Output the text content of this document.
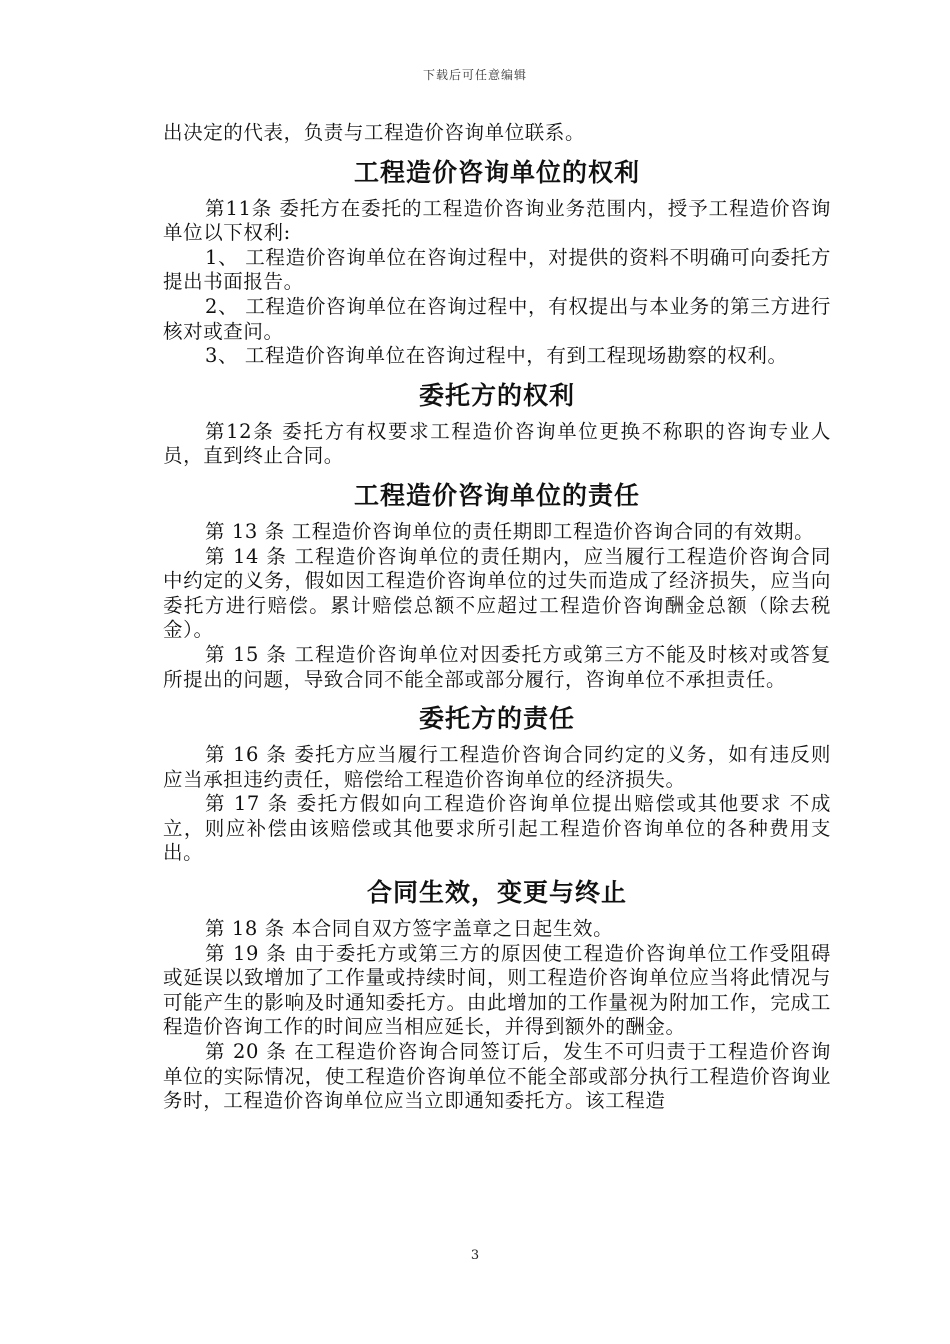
下载后可任意编辑

出决定的代表，负责与工程造价咨询单位联系。

工程造价咨询单位的权利

第11条 委托方在委托的工程造价咨询业务范围内，授予工程造价咨询单位以下权利:

1、 工程造价咨询单位在咨询过程中，对提供的资料不明确可向委托方提出书面报告。

2、 工程造价咨询单位在咨询过程中，有权提出与本业务的第三方进行核对或查问。

3、 工程造价咨询单位在咨询过程中，有到工程现场勘察的权利。

委托方的权利

第12条 委托方有权要求工程造价咨询单位更换不称职的咨询专业人员，直到终止合同。

工程造价咨询单位的责任

第 13 条 工程造价咨询单位的责任期即工程造价咨询合同的有效期。

第 14 条 工程造价咨询单位的责任期内，应当履行工程造价咨询合同中约定的义务，假如因工程造价咨询单位的过失而造成了经济损失，应当向委托方进行赔偿。累计赔偿总额不应超过工程造价咨询酬金总额（除去税金）。

第 15 条 工程造价咨询单位对因委托方或第三方不能及时核对或答复所提出的问题，导致合同不能全部或部分履行，咨询单位不承担责任。

委托方的责任

第 16 条 委托方应当履行工程造价咨询合同约定的义务，如有违反则应当承担违约责任，赔偿给工程造价咨询单位的经济损失。

第 17 条 委托方假如向工程造价咨询单位提出赔偿或其他要求 不成立，则应补偿由该赔偿或其他要求所引起工程造价咨询单位的各种费用支出。

合同生效，变更与终止

第 18 条 本合同自双方签字盖章之日起生效。

第 19 条 由于委托方或第三方的原因使工程造价咨询单位工作受阻碍或延误以致增加了工作量或持续时间，则工程造价咨询单位应当将此情况与可能产生的影响及时通知委托方。由此增加的工作量视为附加工作，完成工程造价咨询工作的时间应当相应延长，并得到额外的酬金。

第 20 条 在工程造价咨询合同签订后，发生不可归责于工程造价咨询单位的实际情况，使工程造价咨询单位不能全部或部分执行工程造价咨询业务时，工程造价咨询单位应当立即通知委托方。该工程造

3
